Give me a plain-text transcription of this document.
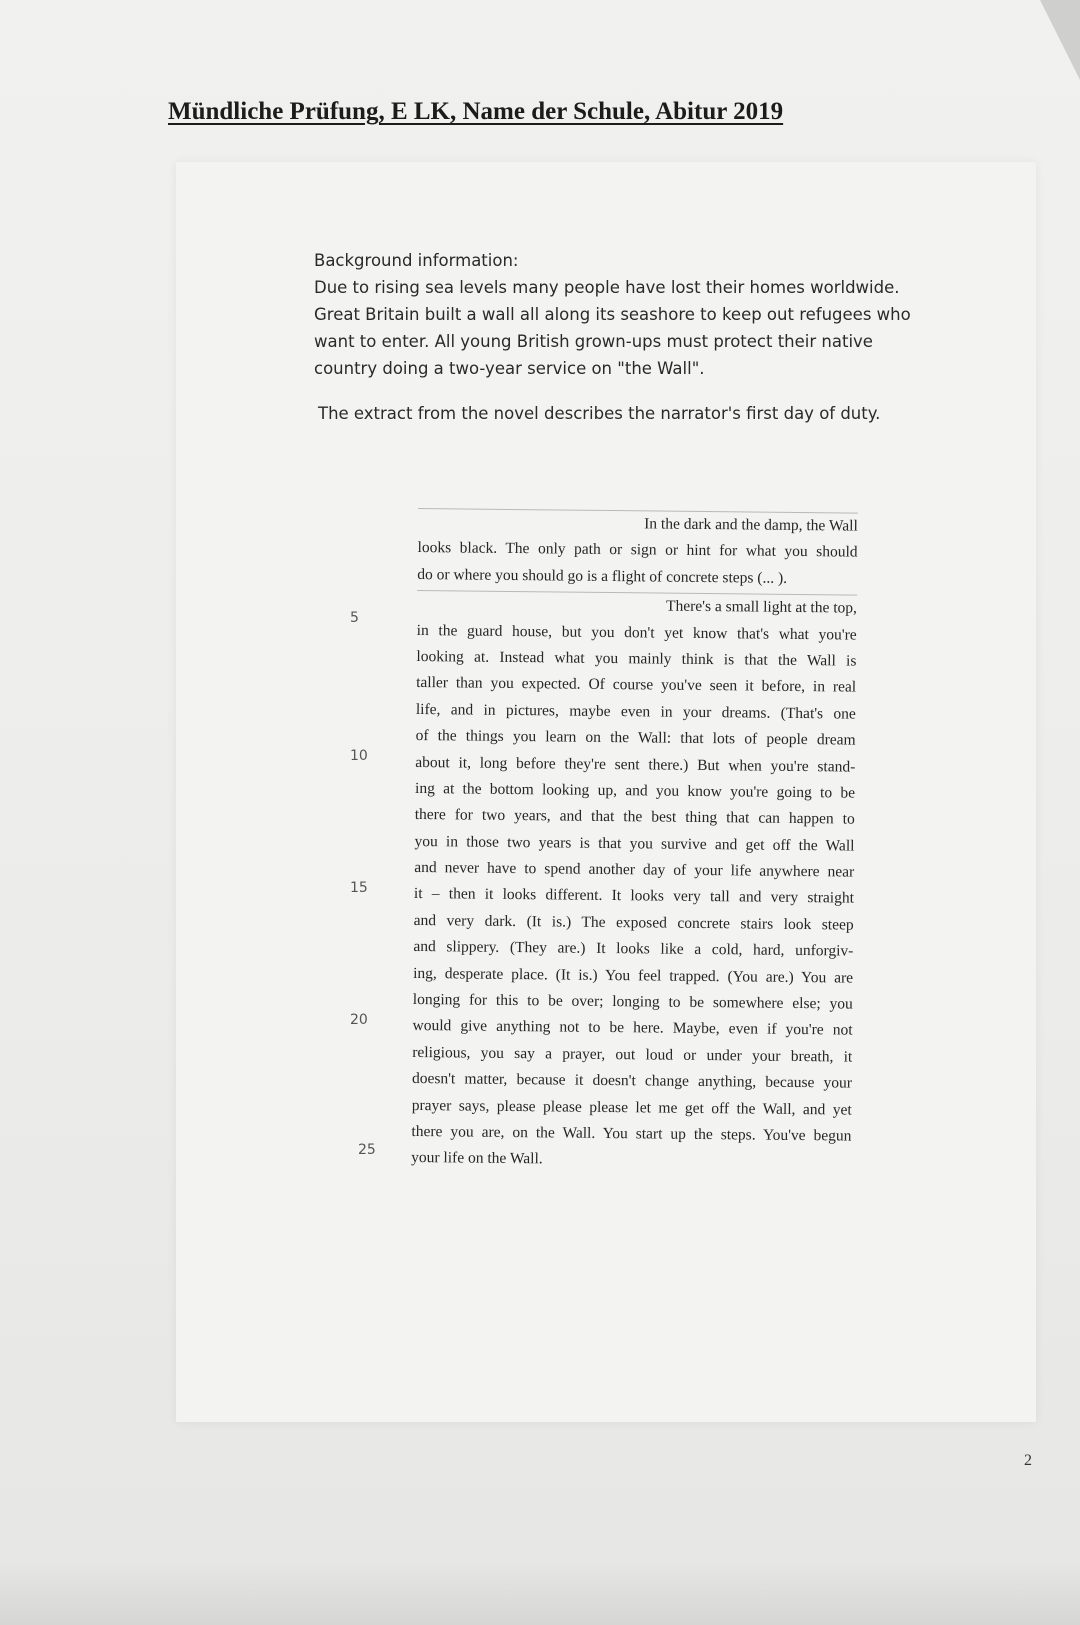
Mündliche Prüfung, E LK, Name der Schule, Abitur 2019

Background information:

Due to rising sea levels many people have lost their homes worldwide.

Great Britain built a wall all along its seashore to keep out refugees who

want to enter. All young British grown-ups must protect their native

country doing a two-year service on "the Wall".

The extract from the novel describes the narrator's first day of duty.

In the dark and the damp, the Wall
looks black. The only path or sign or hint for what you should
do or where you should go is a flight of concrete steps (... ).
There's a small light at the top,
in the guard house, but you don't yet know that's what you're
looking at. Instead what you mainly think is that the Wall is
taller than you expected. Of course you've seen it before, in real
life, and in pictures, maybe even in your dreams. (That's one
of the things you learn on the Wall: that lots of people dream
about it, long before they're sent there.) But when you're stand-
ing at the bottom looking up, and you know you're going to be
there for two years, and that the best thing that can happen to
you in those two years is that you survive and get off the Wall
and never have to spend another day of your life anywhere near
it – then it looks different. It looks very tall and very straight
and very dark. (It is.) The exposed concrete stairs look steep
and slippery. (They are.) It looks like a cold, hard, unforgiv-
ing, desperate place. (It is.) You feel trapped. (You are.) You are
longing for this to be over; longing to be somewhere else; you
would give anything not to be here. Maybe, even if you're not
religious, you say a prayer, out loud or under your breath, it
doesn't matter, because it doesn't change anything, because your
prayer says, please please please let me get off the Wall, and yet
there you are, on the Wall. You start up the steps. You've begun
your life on the Wall.
5
10
15
20
25
2
